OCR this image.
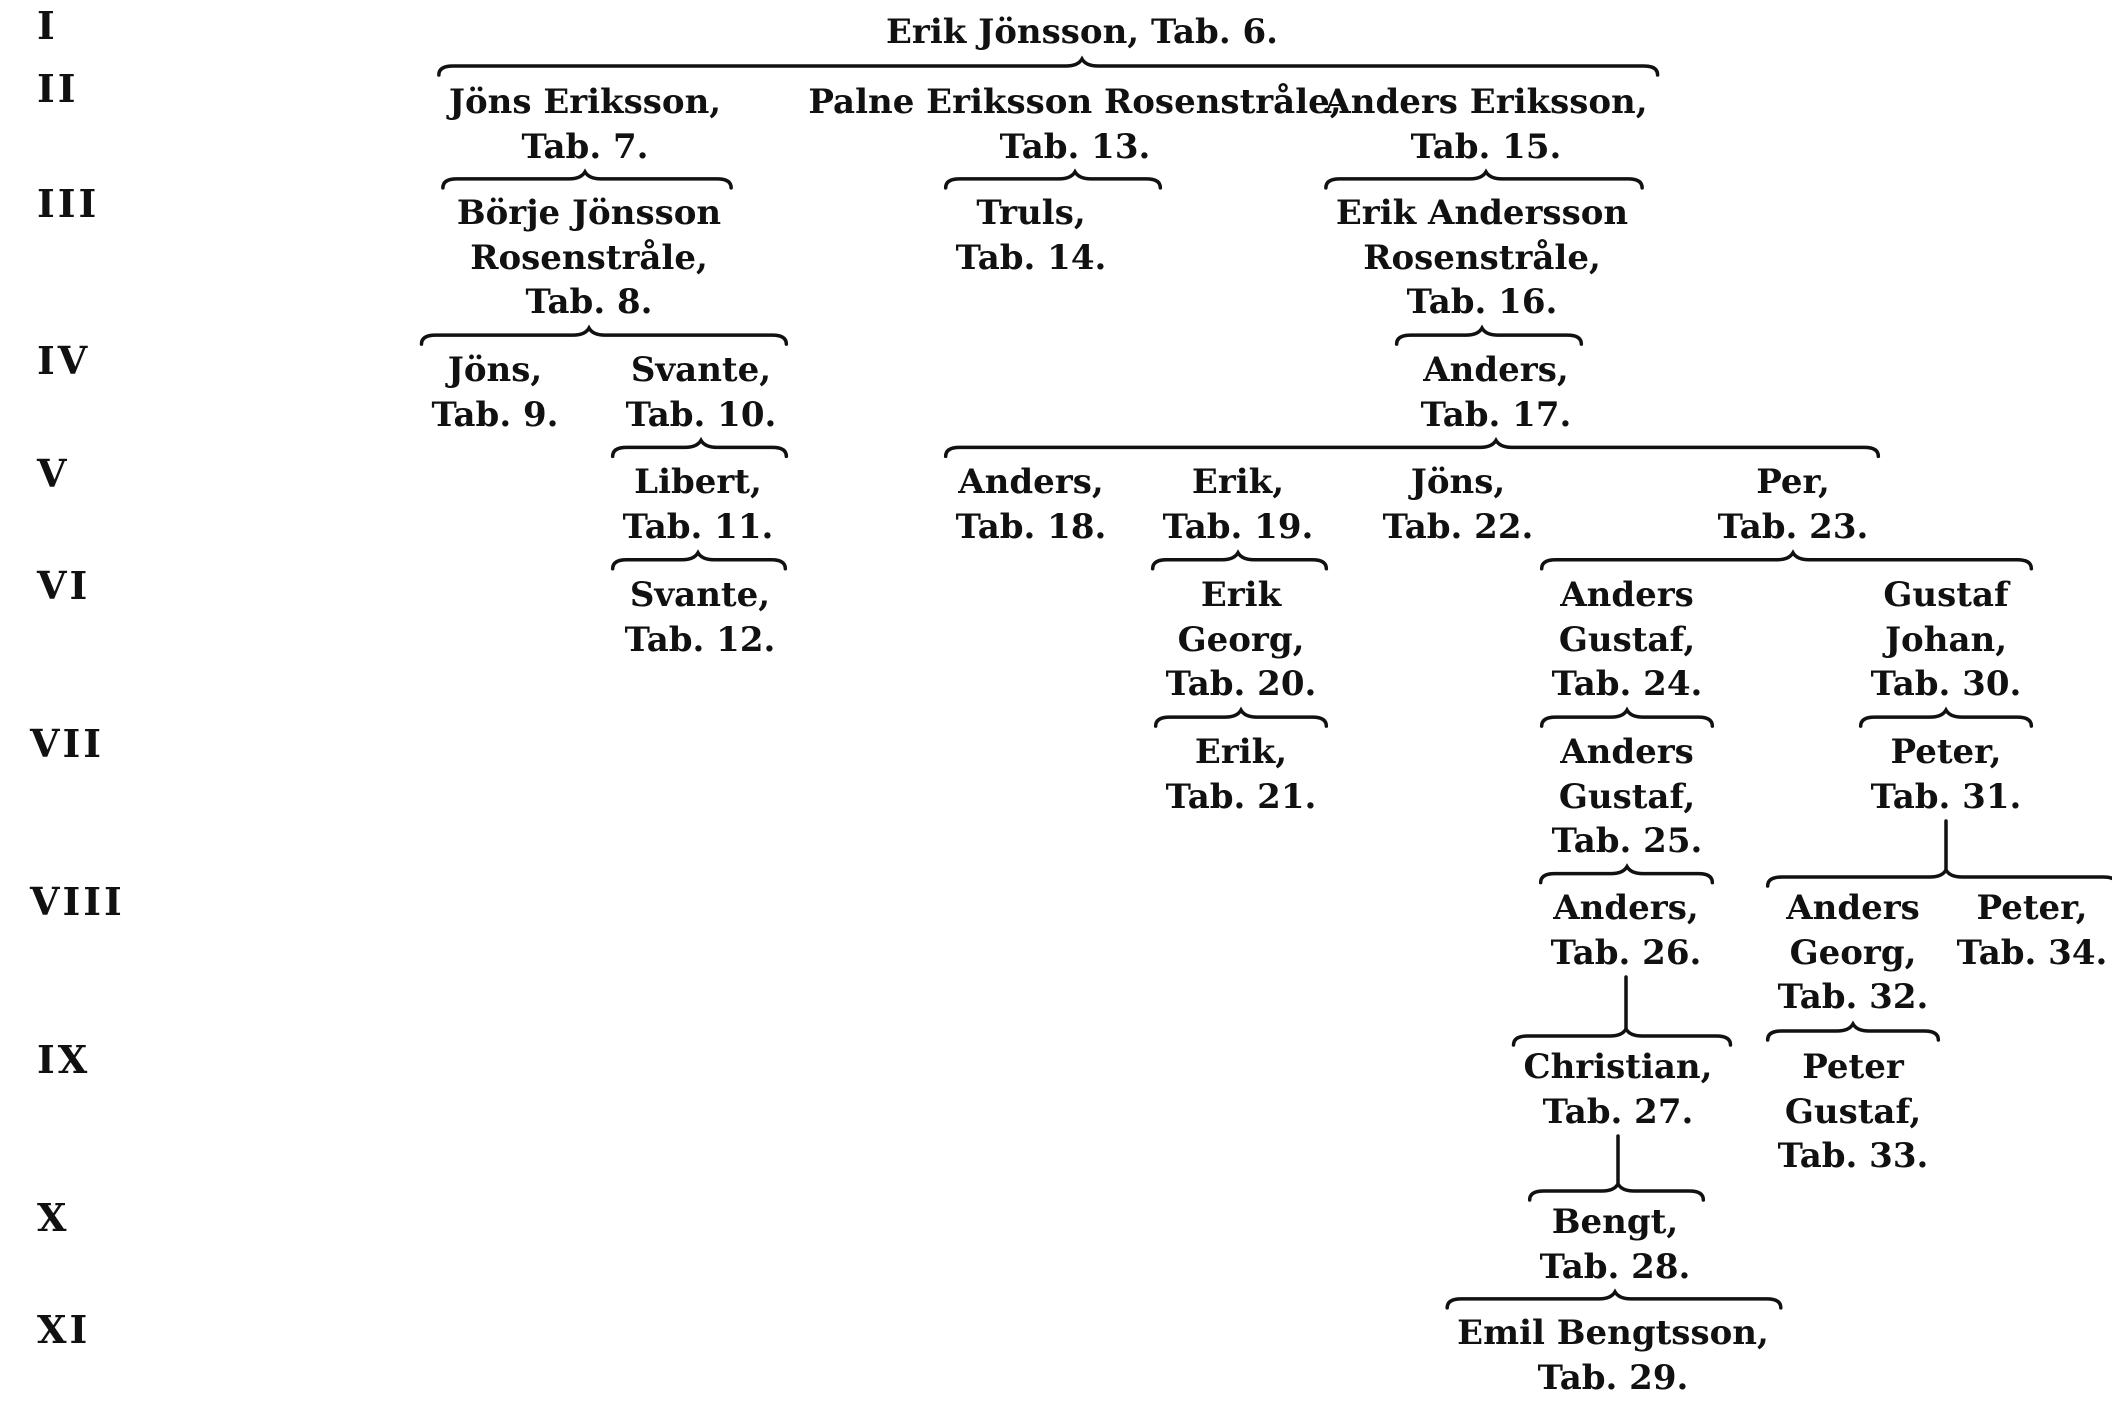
I
II
III
IV
V
VI
VII
VIII
IX
X
XI
Erik Jönsson, Tab. 6.
Jöns Eriksson,
Tab. 7.
Palne Eriksson Rosenstråle,
Tab. 13.
Anders Eriksson,
Tab. 15.
Börje Jönsson
Rosenstråle,
Tab. 8.
Truls,
Tab. 14.
Erik Andersson
Rosenstråle,
Tab. 16.
Jöns,
Tab. 9.
Svante,
Tab. 10.
Anders,
Tab. 17.
Libert,
Tab. 11.
Anders,
Tab. 18.
Erik,
Tab. 19.
Jöns,
Tab. 22.
Per,
Tab. 23.
Svante,
Tab. 12.
Erik
Georg,
Tab. 20.
Anders
Gustaf,
Tab. 24.
Gustaf
Johan,
Tab. 30.
Erik,
Tab. 21.
Anders
Gustaf,
Tab. 25.
Peter,
Tab. 31.
Anders,
Tab. 26.
Anders
Georg,
Tab. 32.
Peter,
Tab. 34.
Christian,
Tab. 27.
Peter
Gustaf,
Tab. 33.
Bengt,
Tab. 28.
Emil Bengtsson,
Tab. 29.
